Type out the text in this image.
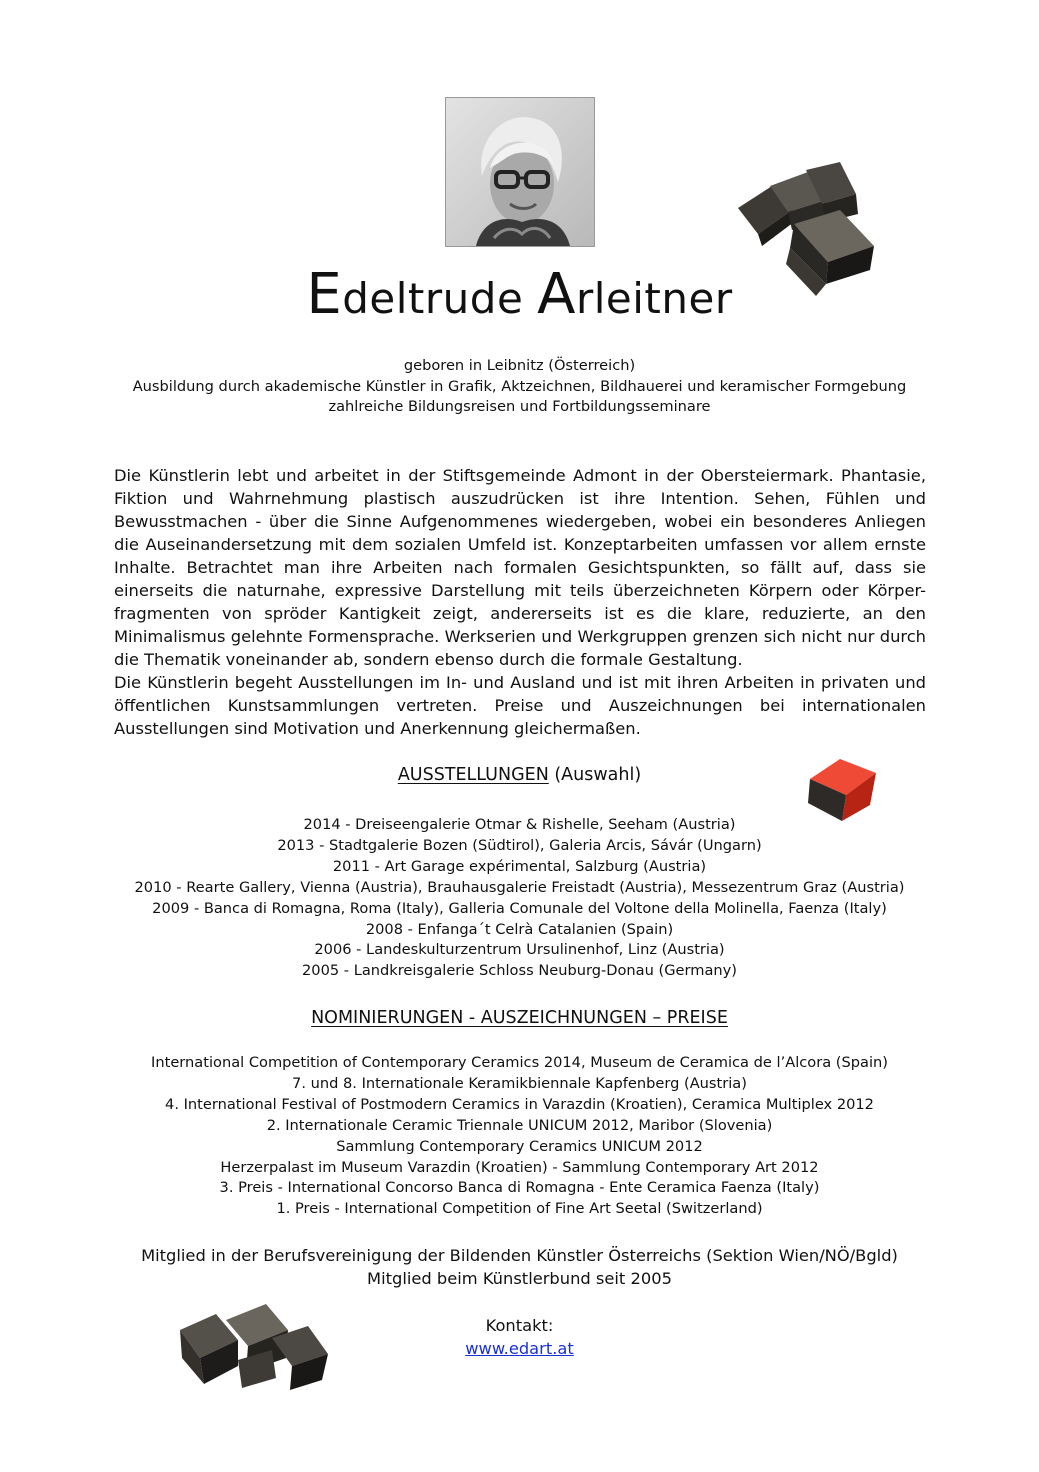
Edeltrude Arleitner
geboren in Leibnitz (Österreich)
Ausbildung durch akademische Künstler in Grafik, Aktzeichnen, Bildhauerei und keramischer Formgebung
zahlreiche Bildungsreisen und Fortbildungsseminare

Die Künstlerin lebt und arbeitet in der Stiftsgemeinde Admont in der Obersteiermark. Phantasie, Fiktion und Wahrnehmung plastisch auszudrücken ist ihre Intention. Sehen, Fühlen und Bewusstmachen - über die Sinne Aufgenommenes wiedergeben, wobei ein besonderes Anliegen die Auseinandersetzung mit dem sozialen Umfeld ist. Konzeptarbeiten umfassen vor allem ernste Inhalte. Betrachtet man ihre Arbeiten nach formalen Gesichtspunkten, so fällt auf, dass sie einerseits die naturnahe, expressive Darstellung mit teils überzeichneten Körpern oder Körper-fragmenten von spröder Kantigkeit zeigt, andererseits ist es die klare, reduzierte, an den Minimalismus gelehnte Formensprache. Werkserien und Werkgruppen grenzen sich nicht nur durch die Thematik voneinander ab, sondern ebenso durch die formale Gestaltung.

Die Künstlerin begeht Ausstellungen im In- und Ausland und ist mit ihren Arbeiten in privaten und öffentlichen Kunstsammlungen vertreten. Preise und Auszeichnungen bei internationalen Ausstellungen sind Motivation und Anerkennung gleichermaßen.

AUSSTELLUNGEN (Auswahl)
2014 - Dreiseengalerie Otmar & Rishelle, Seeham (Austria)
2013 - Stadtgalerie Bozen (Südtirol), Galeria Arcis, Sávár (Ungarn)
2011 - Art Garage expérimental, Salzburg (Austria)
2010 - Rearte Gallery, Vienna (Austria), Brauhausgalerie Freistadt (Austria), Messezentrum Graz (Austria)
2009 - Banca di Romagna, Roma (Italy), Galleria Comunale del Voltone della Molinella, Faenza (Italy)
2008 - Enfanga´t Celrà Catalanien (Spain)
2006 - Landeskulturzentrum Ursulinenhof, Linz (Austria)
2005 - Landkreisgalerie Schloss Neuburg-Donau (Germany)
NOMINIERUNGEN - AUSZEICHNUNGEN – PREISE
International Competition of Contemporary Ceramics 2014, Museum de Ceramica de l’Alcora (Spain)
7. und 8. Internationale Keramikbiennale Kapfenberg (Austria)
4. International Festival of Postmodern Ceramics in Varazdin (Kroatien), Ceramica Multiplex 2012
2. Internationale Ceramic Triennale UNICUM 2012, Maribor (Slovenia)
Sammlung Contemporary Ceramics UNICUM 2012
Herzerpalast im Museum Varazdin (Kroatien) - Sammlung Contemporary Art 2012
3. Preis - International Concorso Banca di Romagna - Ente Ceramica Faenza (Italy)
1. Preis - International Competition of Fine Art Seetal (Switzerland)
Mitglied in der Berufsvereinigung der Bildenden Künstler Österreichs (Sektion Wien/NÖ/Bgld)
Mitglied beim Künstlerbund seit 2005
Kontakt:
www.edart.at
